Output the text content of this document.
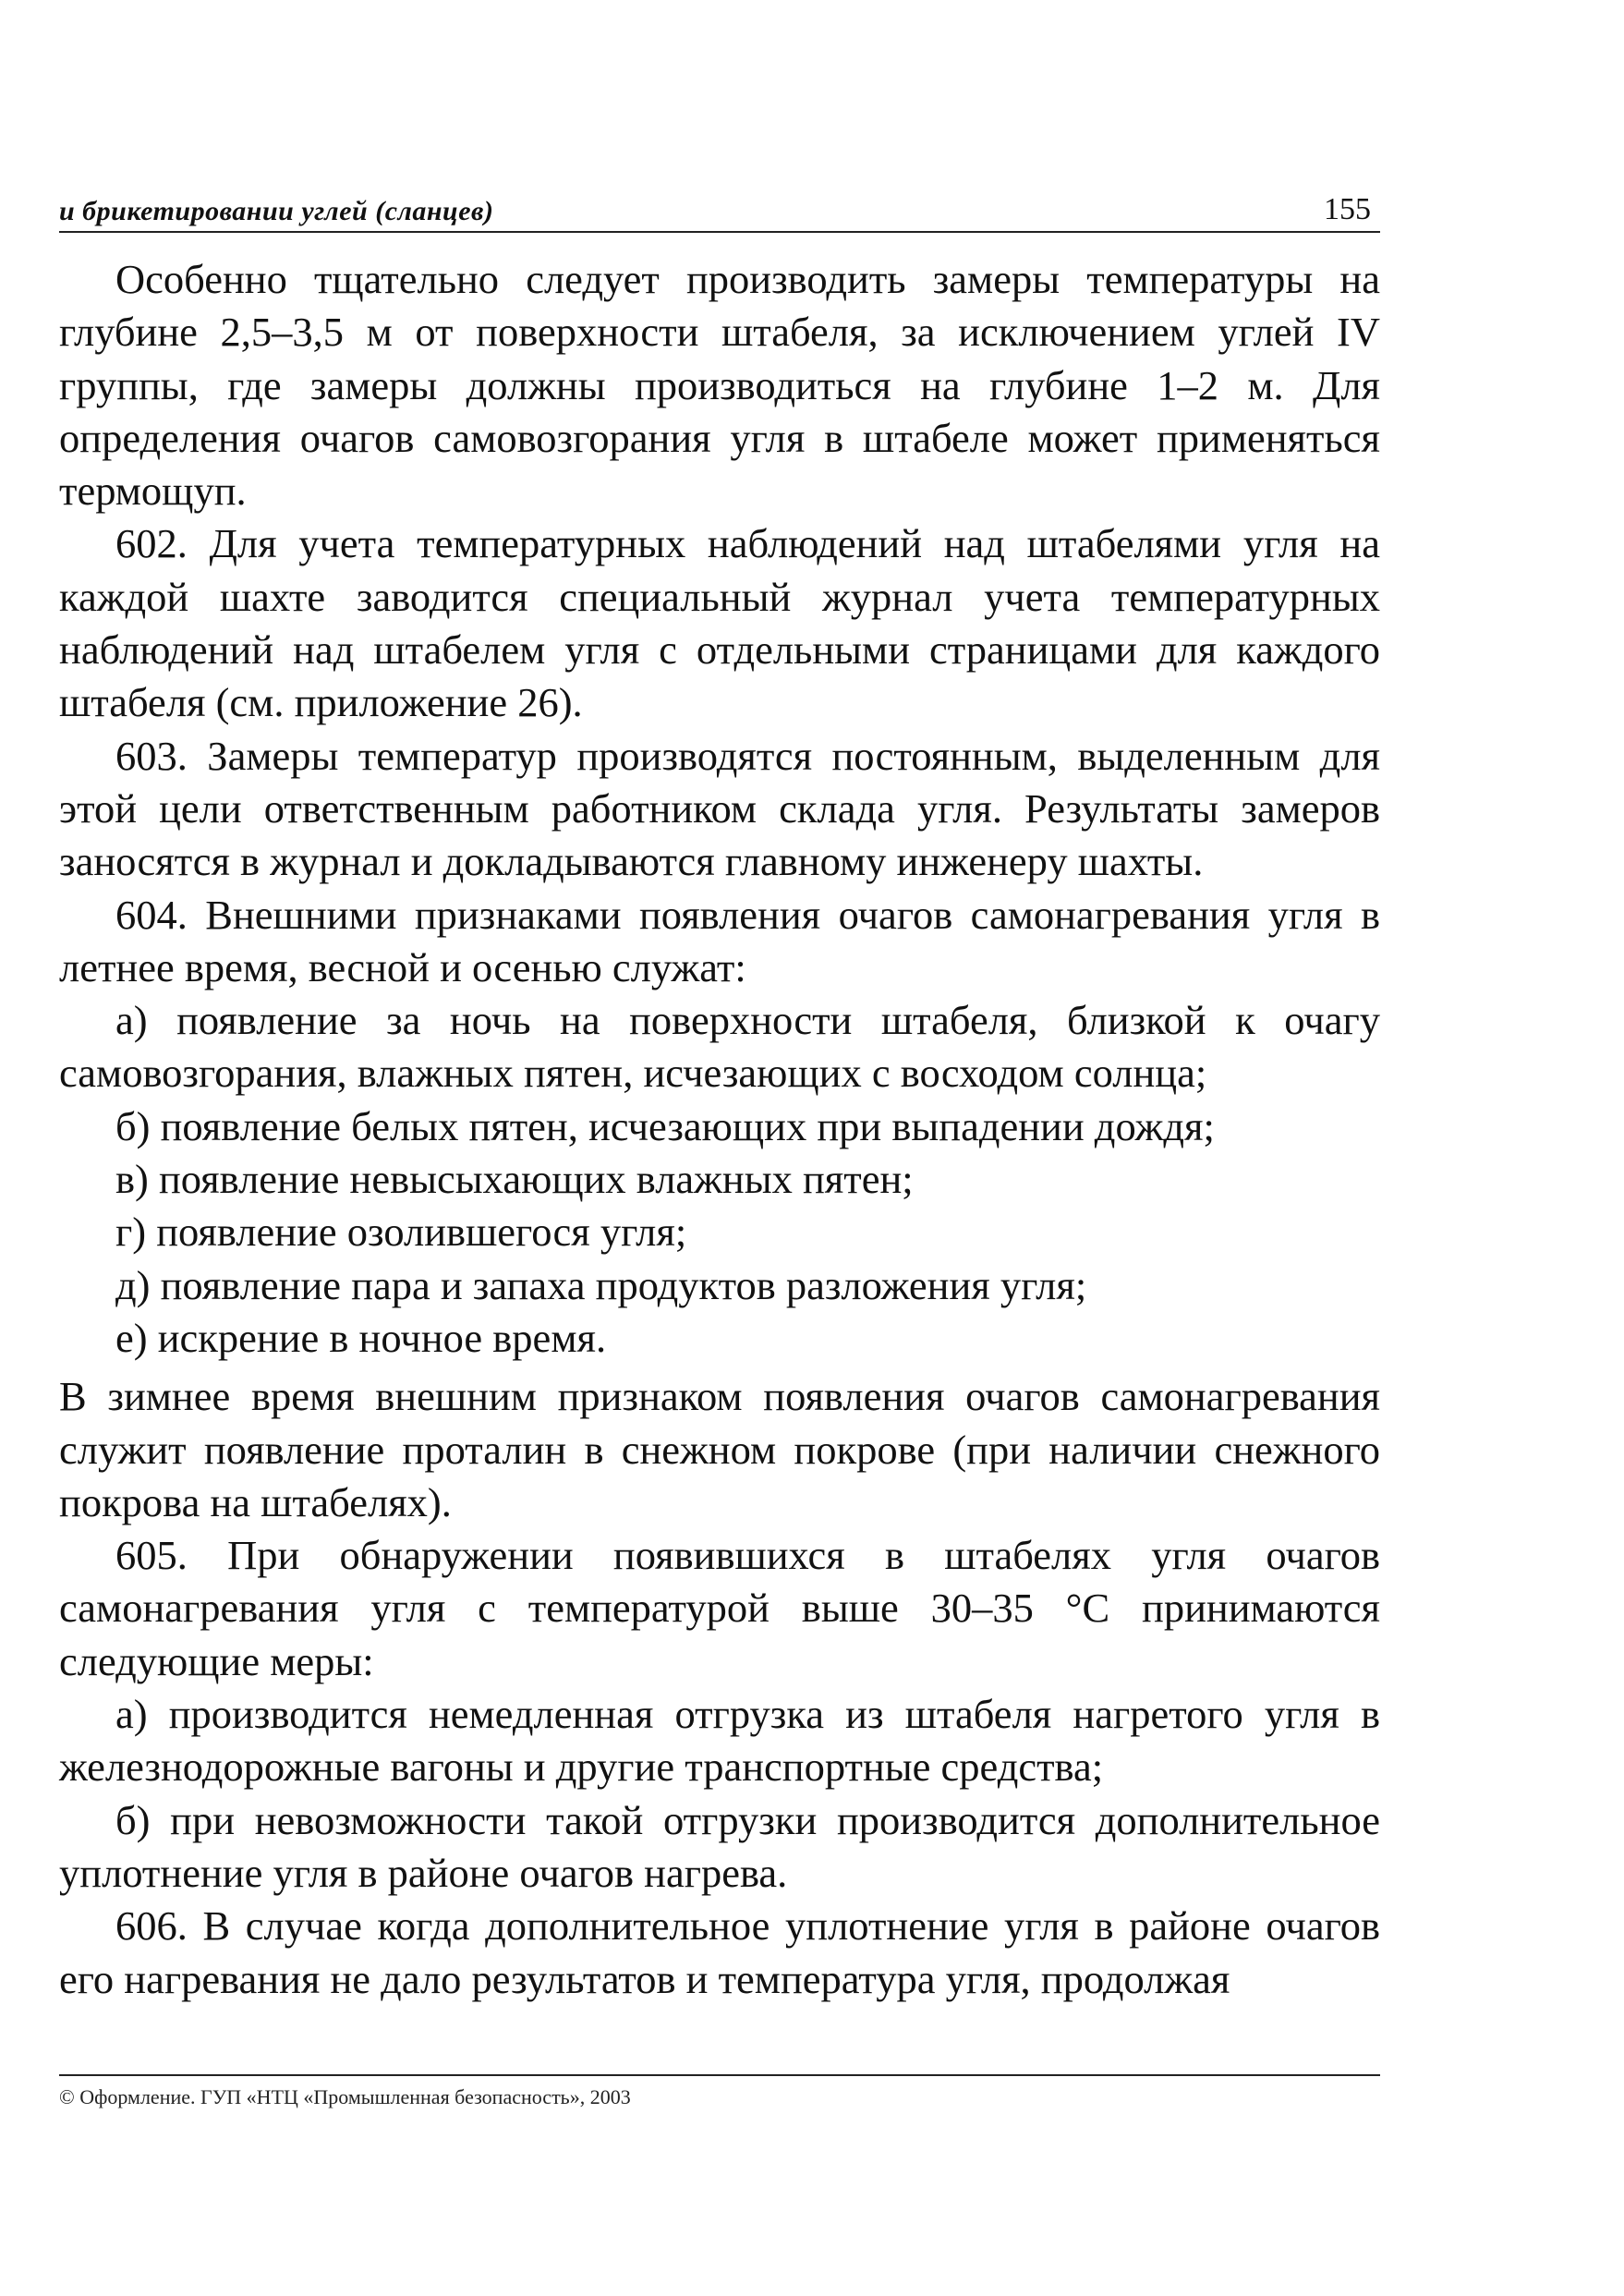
и брикетировании углей (сланцев)	155

Особенно тщательно следует производить замеры температуры на глубине 2,5–3,5 м от поверхности штабеля, за исключением углей IV группы, где замеры должны производиться на глубине 1–2 м. Для определения очагов самовозгорания угля в штабеле может применяться термощуп.

602. Для учета температурных наблюдений над штабелями угля на каждой шахте заводится специальный журнал учета температурных наблюдений над штабелем угля с отдельными страницами для каждого штабеля (см. приложение 26).

603. Замеры температур производятся постоянным, выделенным для этой цели ответственным работником склада угля. Результаты замеров заносятся в журнал и докладываются главному инженеру шахты.

604. Внешними признаками появления очагов самонагревания угля в летнее время, весной и осенью служат:

а) появление за ночь на поверхности штабеля, близкой к очагу самовозгорания, влажных пятен, исчезающих с восходом солнца;

б) появление белых пятен, исчезающих при выпадении дождя;

в) появление невысыхающих влажных пятен;

г) появление озолившегося угля;

д) появление пара и запаха продуктов разложения угля;

е) искрение в ночное время.

В зимнее время внешним признаком появления очагов самонагревания служит появление проталин в снежном покрове (при наличии снежного покрова на штабелях).

605. При обнаружении появившихся в штабелях угля очагов самонагревания угля с температурой выше 30–35 °С принимаются следующие меры:

а) производится немедленная отгрузка из штабеля нагретого угля в железнодорожные вагоны и другие транспортные средства;

б) при невозможности такой отгрузки производится дополнительное уплотнение угля в районе очагов нагрева.

606. В случае когда дополнительное уплотнение угля в районе очагов его нагревания не дало результатов и температура угля, продолжая

© Оформление. ГУП «НТЦ «Промышленная безопасность», 2003
